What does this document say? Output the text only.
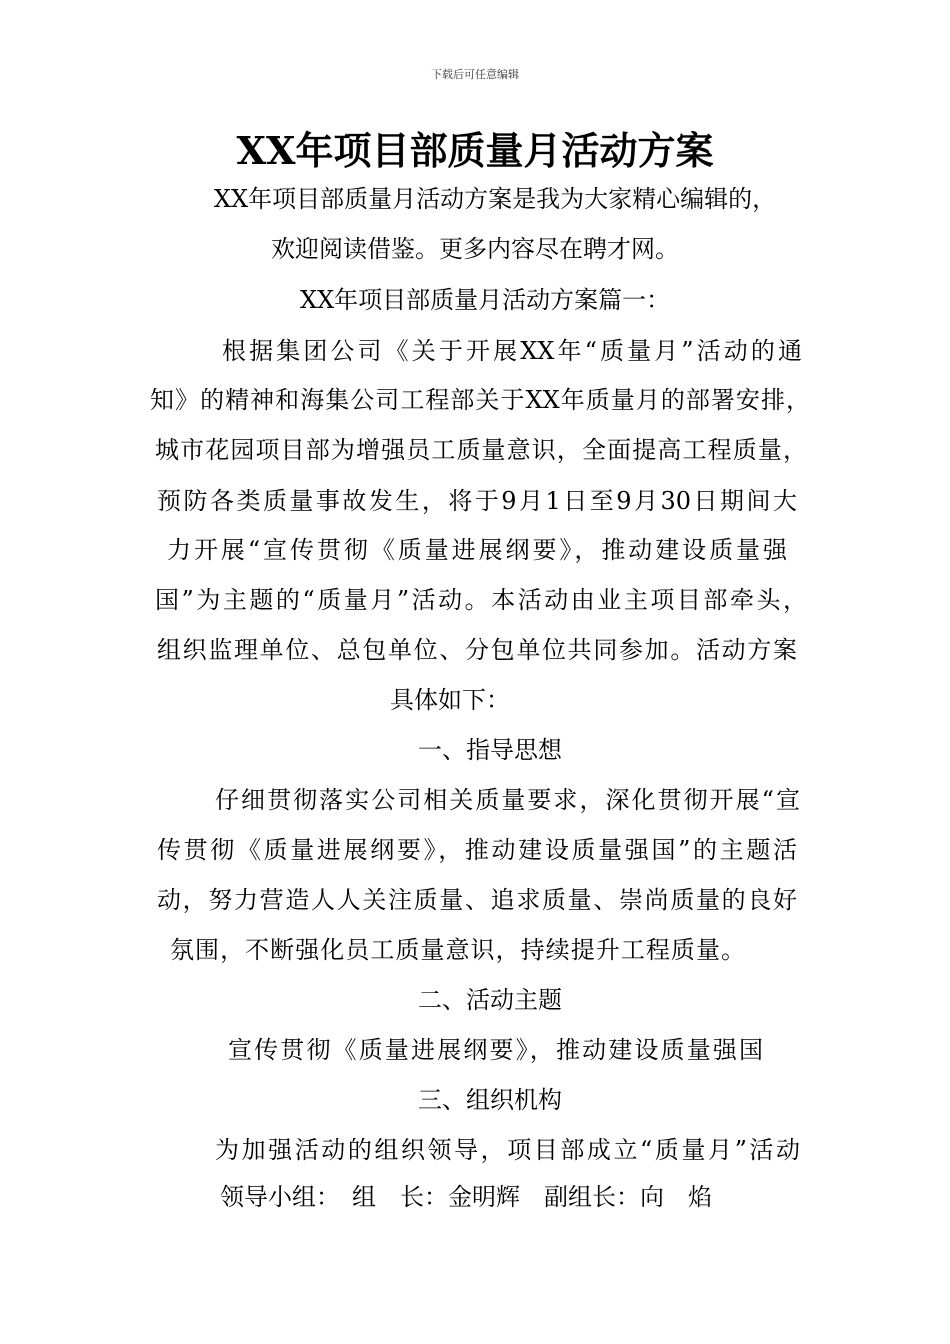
下载后可任意编辑
XX年项目部质量月活动方案
XX年项目部质量月活动方案是我为大家精心编辑的，
欢迎阅读借鉴。更多内容尽在聘才网。
XX年项目部质量月活动方案篇一：
根据集团公司《关于开展XX年“质量月”活动的通
知》的精神和海集公司工程部关于XX年质量月的部署安排，
城市花园项目部为增强员工质量意识，全面提高工程质量，
预防各类质量事故发生，将于9月1日至9月30日期间大
力开展“宣传贯彻《质量进展纲要》，推动建设质量强
国”为主题的“质量月”活动。本活动由业主项目部牵头，
组织监理单位、总包单位、分包单位共同参加。活动方案
具体如下：
一、指导思想
仔细贯彻落实公司相关质量要求，深化贯彻开展“宣
传贯彻《质量进展纲要》，推动建设质量强国”的主题活
动，努力营造人人关注质量、追求质量、崇尚质量的良好
氛围，不断强化员工质量意识，持续提升工程质量。
二、活动主题
宣传贯彻《质量进展纲要》，推动建设质量强国
三、组织机构
为加强活动的组织领导，项目部成立“质量月”活动
领导小组：　组　长：金明辉　副组长：向　焰
